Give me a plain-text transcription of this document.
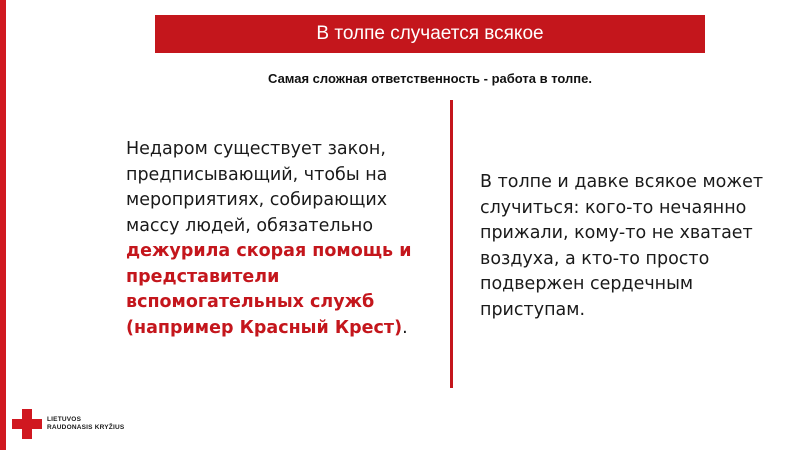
В толпе случается всякое
Самая сложная ответственность - работа в толпе.
Недаром существует закон, предписывающий, чтобы на мероприятиях, собирающих массу людей, обязательно дежурила скорая помощь и представители вспомогательных служб (например Красный Крест).
В толпе и давке всякое может случиться: кого-то нечаянно прижали, кому-то не хватает воздуха, а кто-то просто подвержен сердечным приступам.
LIETUVOS
RAUDONASIS KRYŽIUS
